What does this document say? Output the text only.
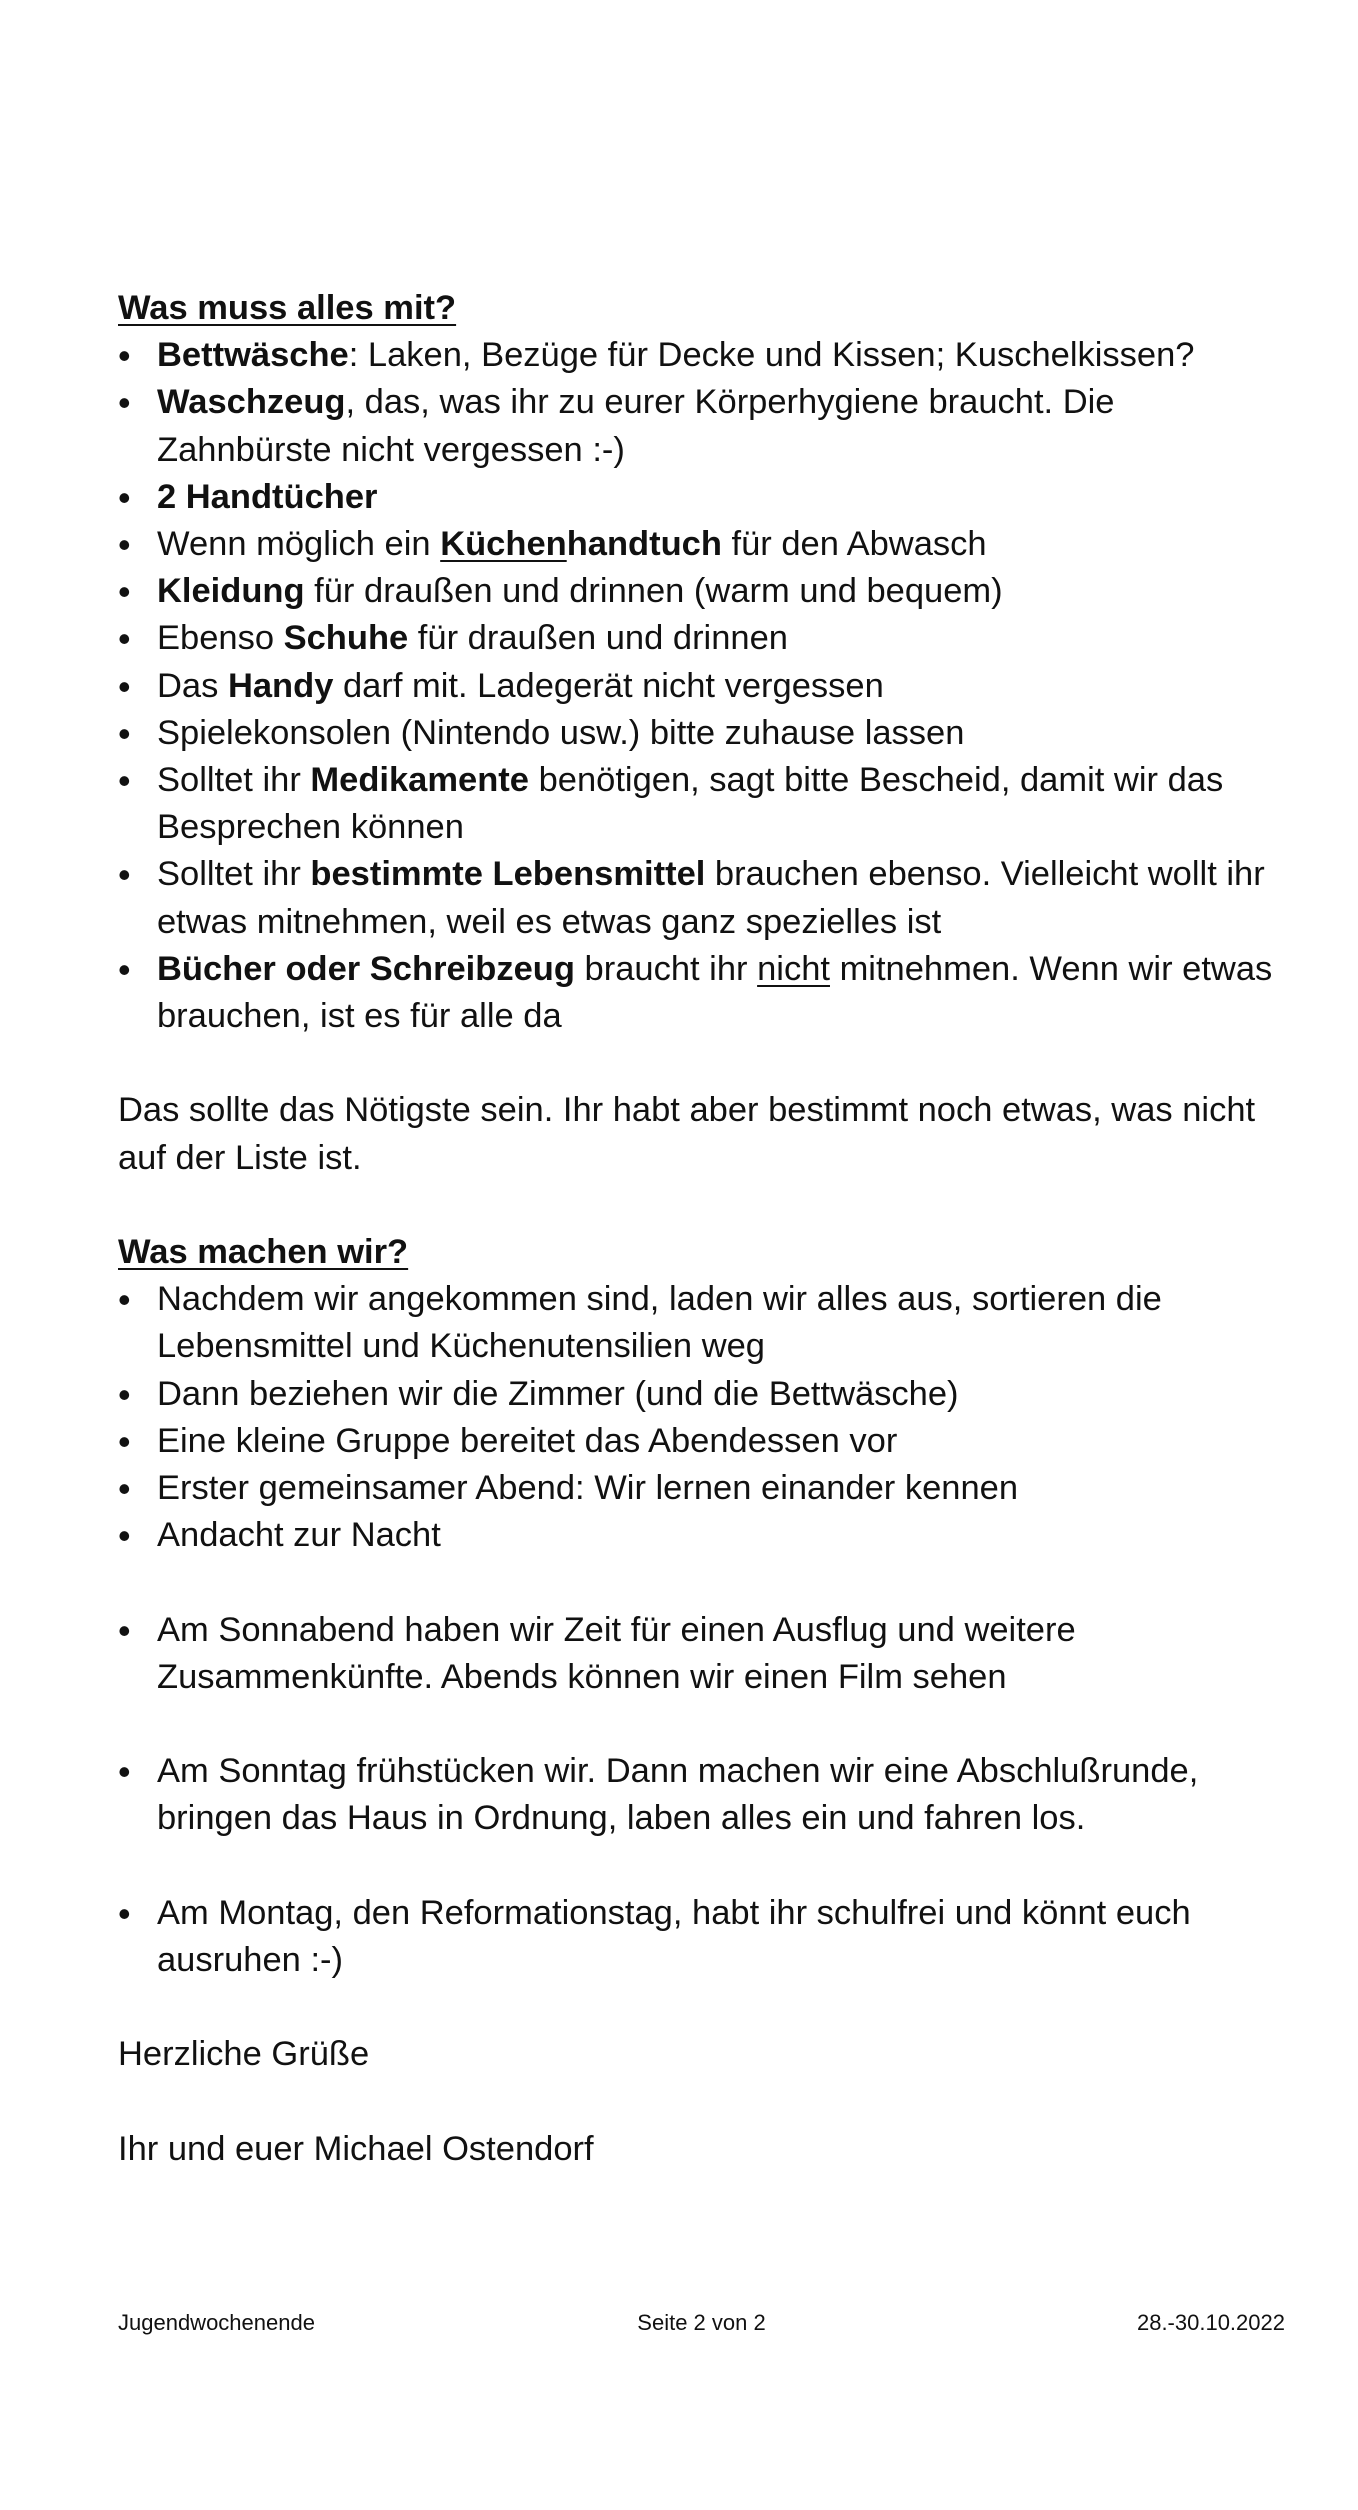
Was muss alles mit?
• Bettwäsche: Laken, Bezüge für Decke und Kissen; Kuschelkissen?
• Waschzeug, das, was ihr zu eurer Körperhygiene braucht. Die Zahnbürste nicht vergessen :-)
• 2 Handtücher
• Wenn möglich ein Küchenhandtuch für den Abwasch
• Kleidung für draußen und drinnen (warm und bequem)
• Ebenso Schuhe für draußen und drinnen
• Das Handy darf mit. Ladegerät nicht vergessen
• Spielekonsolen (Nintendo usw.) bitte zuhause lassen
• Solltet ihr Medikamente benötigen, sagt bitte Bescheid, damit wir das Besprechen können
• Solltet ihr bestimmte Lebensmittel brauchen ebenso. Vielleicht wollt ihr etwas mitnehmen, weil es etwas ganz spezielles ist
• Bücher oder Schreibzeug braucht ihr nicht mitnehmen. Wenn wir etwas brauchen, ist es für alle da

Das sollte das Nötigste sein. Ihr habt aber bestimmt noch etwas, was nicht auf der Liste ist.

Was machen wir?
• Nachdem wir angekommen sind, laden wir alles aus, sortieren die Lebensmittel und Küchenutensilien weg
• Dann beziehen wir die Zimmer (und die Bettwäsche)
• Eine kleine Gruppe bereitet das Abendessen vor
• Erster gemeinsamer Abend: Wir lernen einander kennen
• Andacht zur Nacht
• Am Sonnabend haben wir Zeit für einen Ausflug und weitere Zusammenkünfte. Abends können wir einen Film sehen
• Am Sonntag frühstücken wir. Dann machen wir eine Abschlußrunde, bringen das Haus in Ordnung, laben alles ein und fahren los.
• Am Montag, den Reformationstag, habt ihr schulfrei und könnt euch ausruhen :-)

Herzliche Grüße

Ihr und euer Michael Ostendorf

Jugendwochenende	Seite 2 von 2	28.-30.10.2022
